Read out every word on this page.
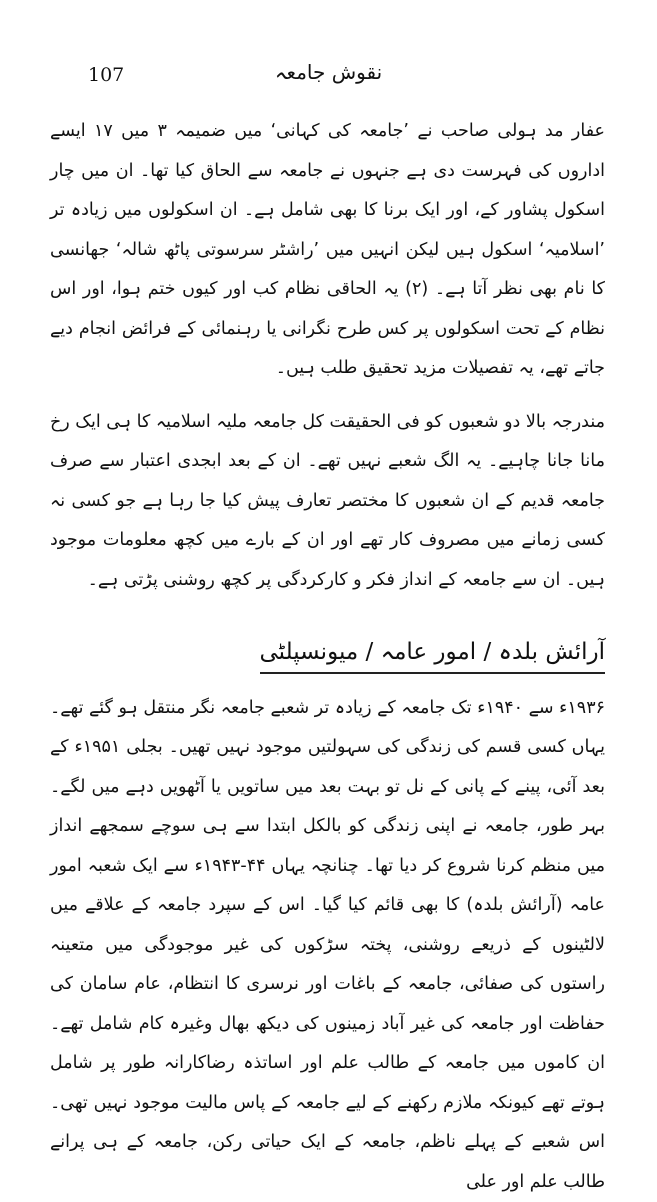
107	نقوش جامعہ

عفار مد ہولی صاحب نے ’جامعہ کی کہانی‘ میں ضمیمہ ۳ میں ۱۷ ایسے اداروں کی فہرست دی ہے جنہوں نے جامعہ سے الحاق کیا تھا۔ ان میں چار اسکول پشاور کے، اور ایک برنا کا بھی شامل ہے۔ ان اسکولوں میں زیادہ تر ’اسلامیہ‘ اسکول ہیں لیکن انہیں میں ’راشٹر سرسوتی پاٹھ شالہ‘ جھانسی کا نام بھی نظر آتا ہے۔ (۲) یہ الحاقی نظام کب اور کیوں ختم ہوا، اور اس نظام کے تحت اسکولوں پر کس طرح نگرانی یا رہنمائی کے فرائض انجام دیے جاتے تھے، یہ تفصیلات مزید تحقیق طلب ہیں۔

مندرجہ بالا دو شعبوں کو فی الحقیقت کل جامعہ ملیہ اسلامیہ کا ہی ایک رخ مانا جانا چاہیے۔ یہ الگ شعبے نہیں تھے۔ ان کے بعد ابجدی اعتبار سے صرف جامعہ قدیم کے ان شعبوں کا مختصر تعارف پیش کیا جا رہا ہے جو کسی نہ کسی زمانے میں مصروف کار تھے اور ان کے بارے میں کچھ معلومات موجود ہیں۔ ان سے جامعہ کے انداز فکر و کارکردگی پر کچھ روشنی پڑتی ہے۔

آرائش بلدہ / امور عامہ / میونسپلٹی

۱۹۳۶ء سے ۱۹۴۰ء تک جامعہ کے زیادہ تر شعبے جامعہ نگر منتقل ہو گئے تھے۔ یہاں کسی قسم کی زندگی کی سہولتیں موجود نہیں تھیں۔ بجلی ۱۹۵۱ء کے بعد آئی، پینے کے پانی کے نل تو بہت بعد میں ساتویں یا آٹھویں دہے میں لگے۔ بہر طور، جامعہ نے اپنی زندگی کو بالکل ابتدا سے ہی سوچے سمجھے انداز میں منظم کرنا شروع کر دیا تھا۔ چنانچہ یہاں ۴۴-۱۹۴۳ء سے ایک شعبہ امور عامہ (آرائش بلدہ) کا بھی قائم کیا گیا۔ اس کے سپرد جامعہ کے علاقے میں لالٹینوں کے ذریعے روشنی، پختہ سڑکوں کی غیر موجودگی میں متعینہ راستوں کی صفائی، جامعہ کے باغات اور نرسری کا انتظام، عام سامان کی حفاظت اور جامعہ کی غیر آباد زمینوں کی دیکھ بھال وغیرہ کام شامل تھے۔ ان کاموں میں جامعہ کے طالب علم اور اساتذہ رضاکارانہ طور پر شامل ہوتے تھے کیونکہ ملازم رکھنے کے لیے جامعہ کے پاس مالیت موجود نہیں تھی۔ اس شعبے کے پہلے ناظم، جامعہ کے ایک حیاتی رکن، جامعہ کے ہی پرانے طالب علم اور علی
